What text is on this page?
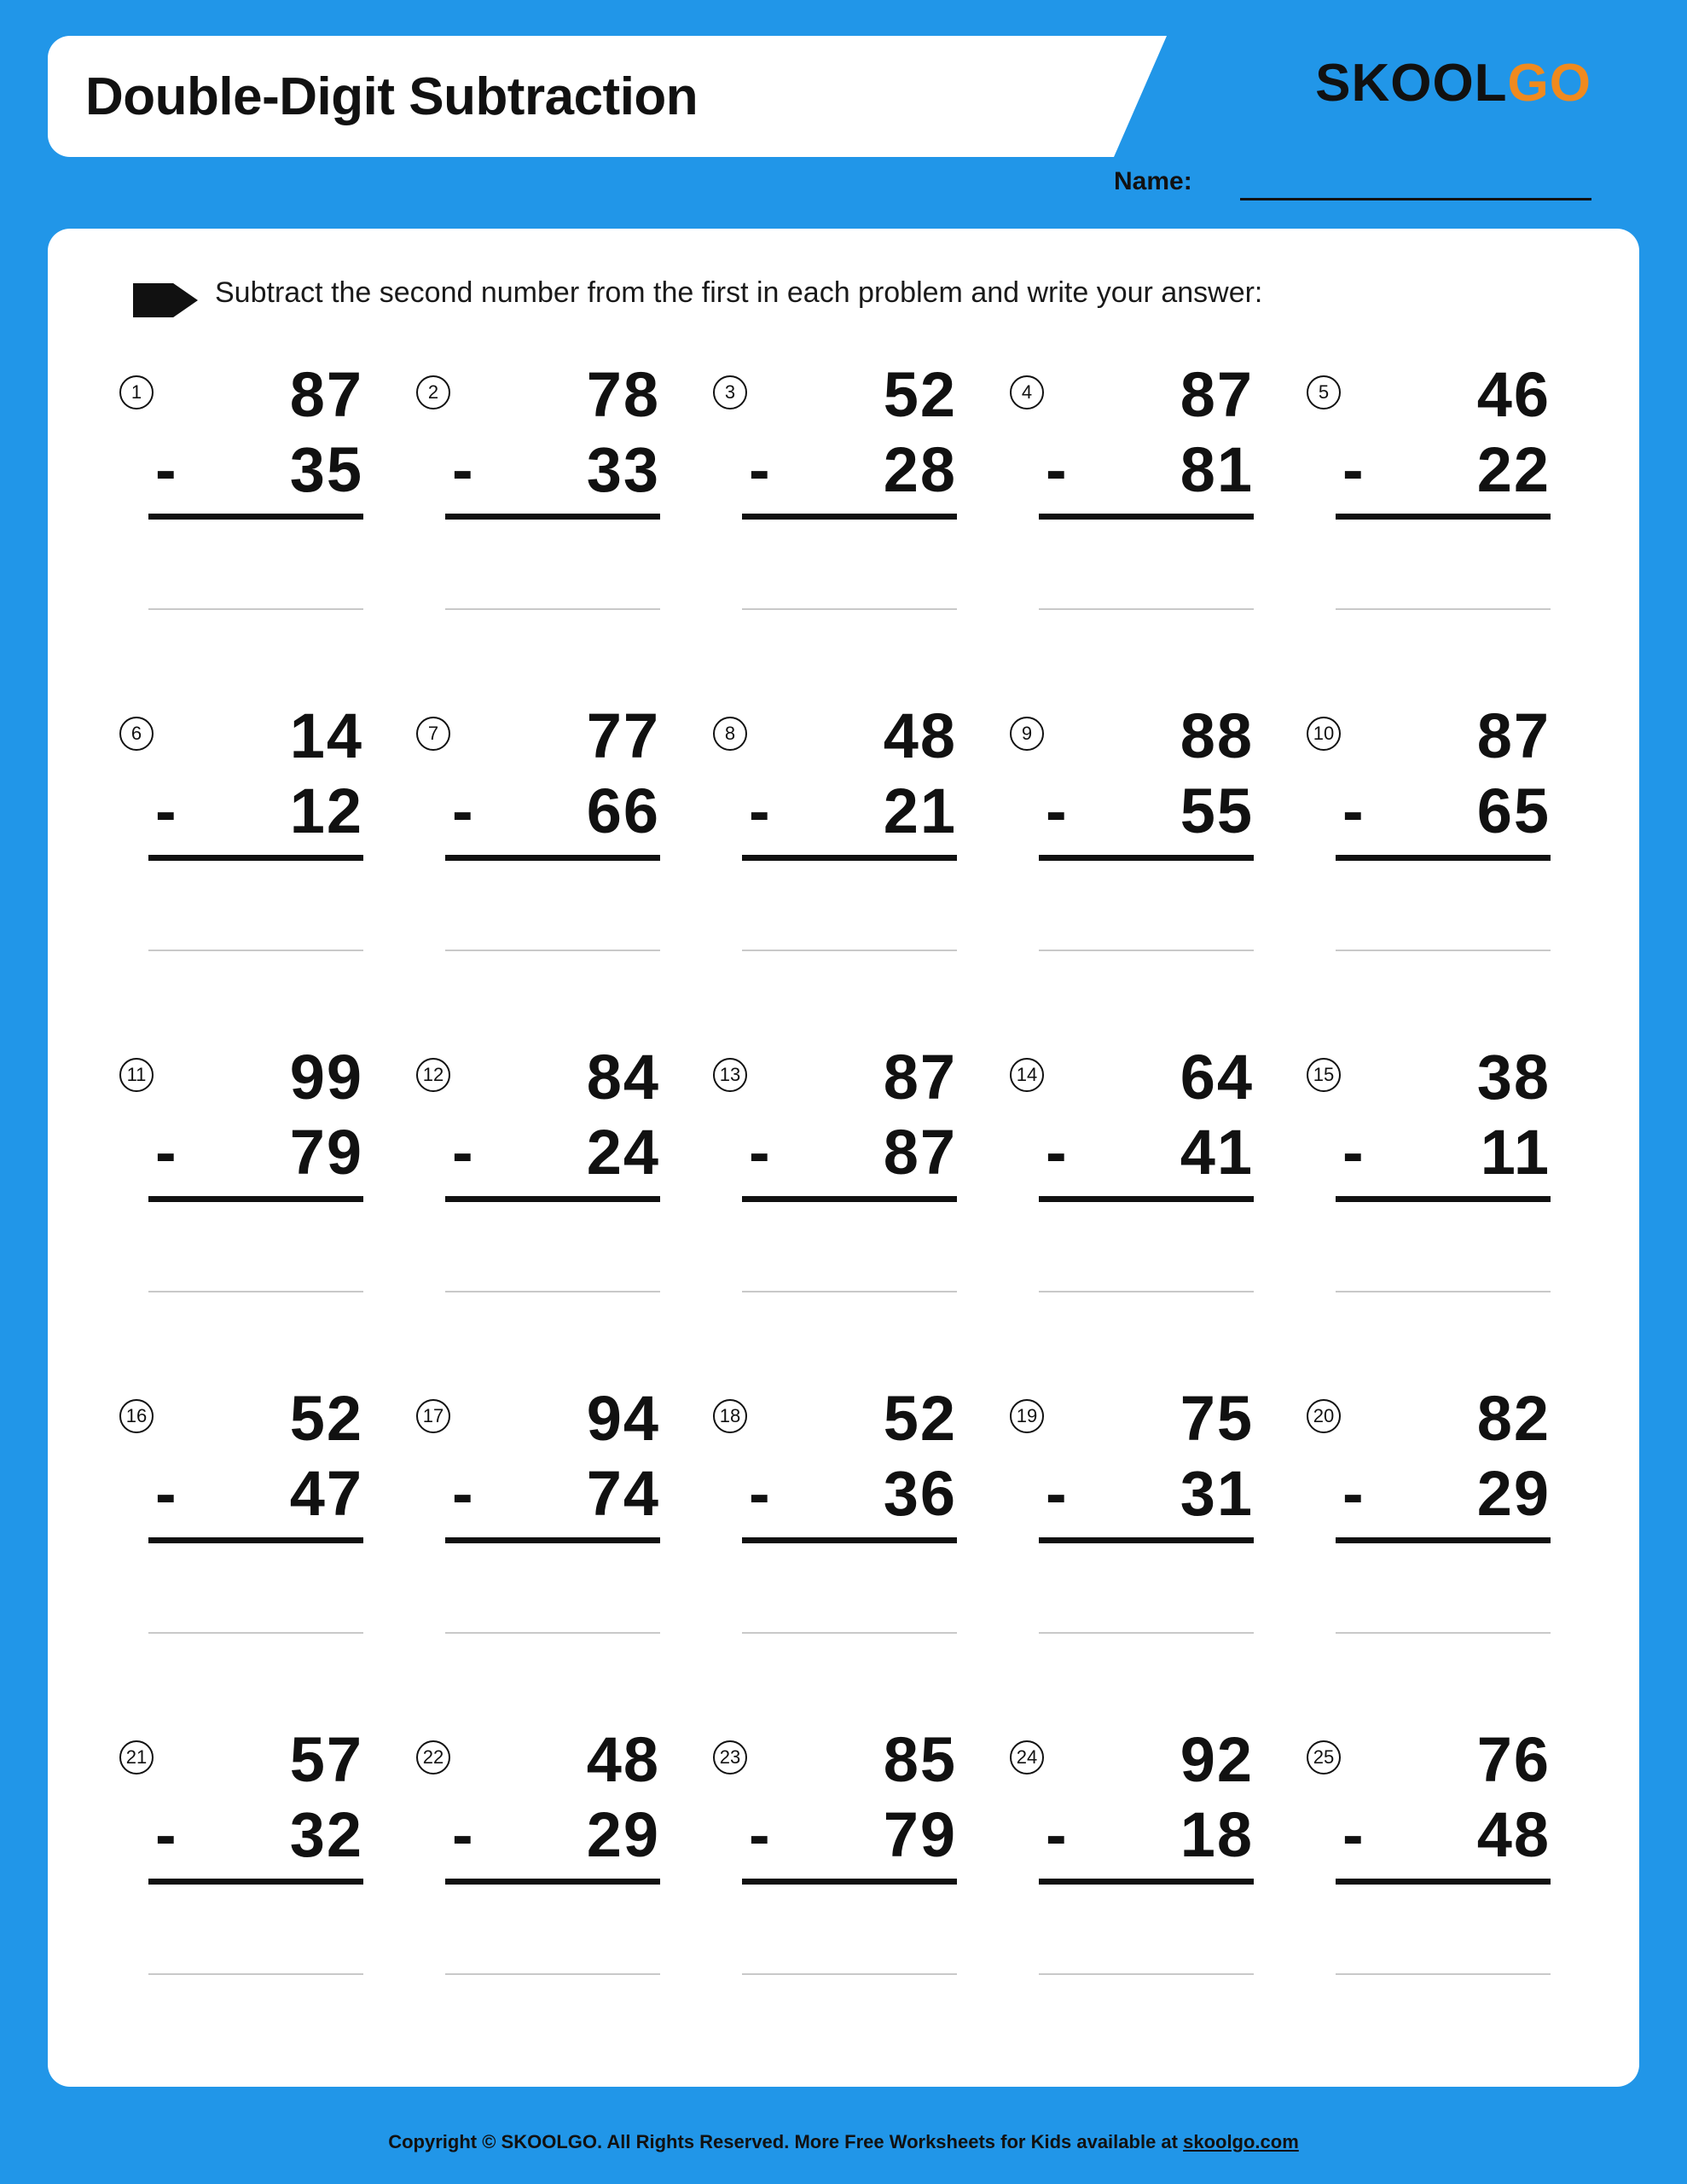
Double-Digit Subtraction	SKOOLGO
Name:
Subtract the second number from the first in each problem and write your answer:
1	87
- 35
2	78
- 33
3	52
- 28
4	87
- 81
5	46
- 22
6	14
- 12
7	77
- 66
8	48
- 21
9	88
- 55
10	87
- 65
11	99
- 79
12	84
- 24
13	87
- 87
14	64
- 41
15	38
- 11
16	52
- 47
17	94
- 74
18	52
- 36
19	75
- 31
20	82
- 29
21	57
- 32
22	48
- 29
23	85
- 79
24	92
- 18
25	76
- 48
Copyright © SKOOLGO. All Rights Reserved. More Free Worksheets for Kids available at skoolgo.com
